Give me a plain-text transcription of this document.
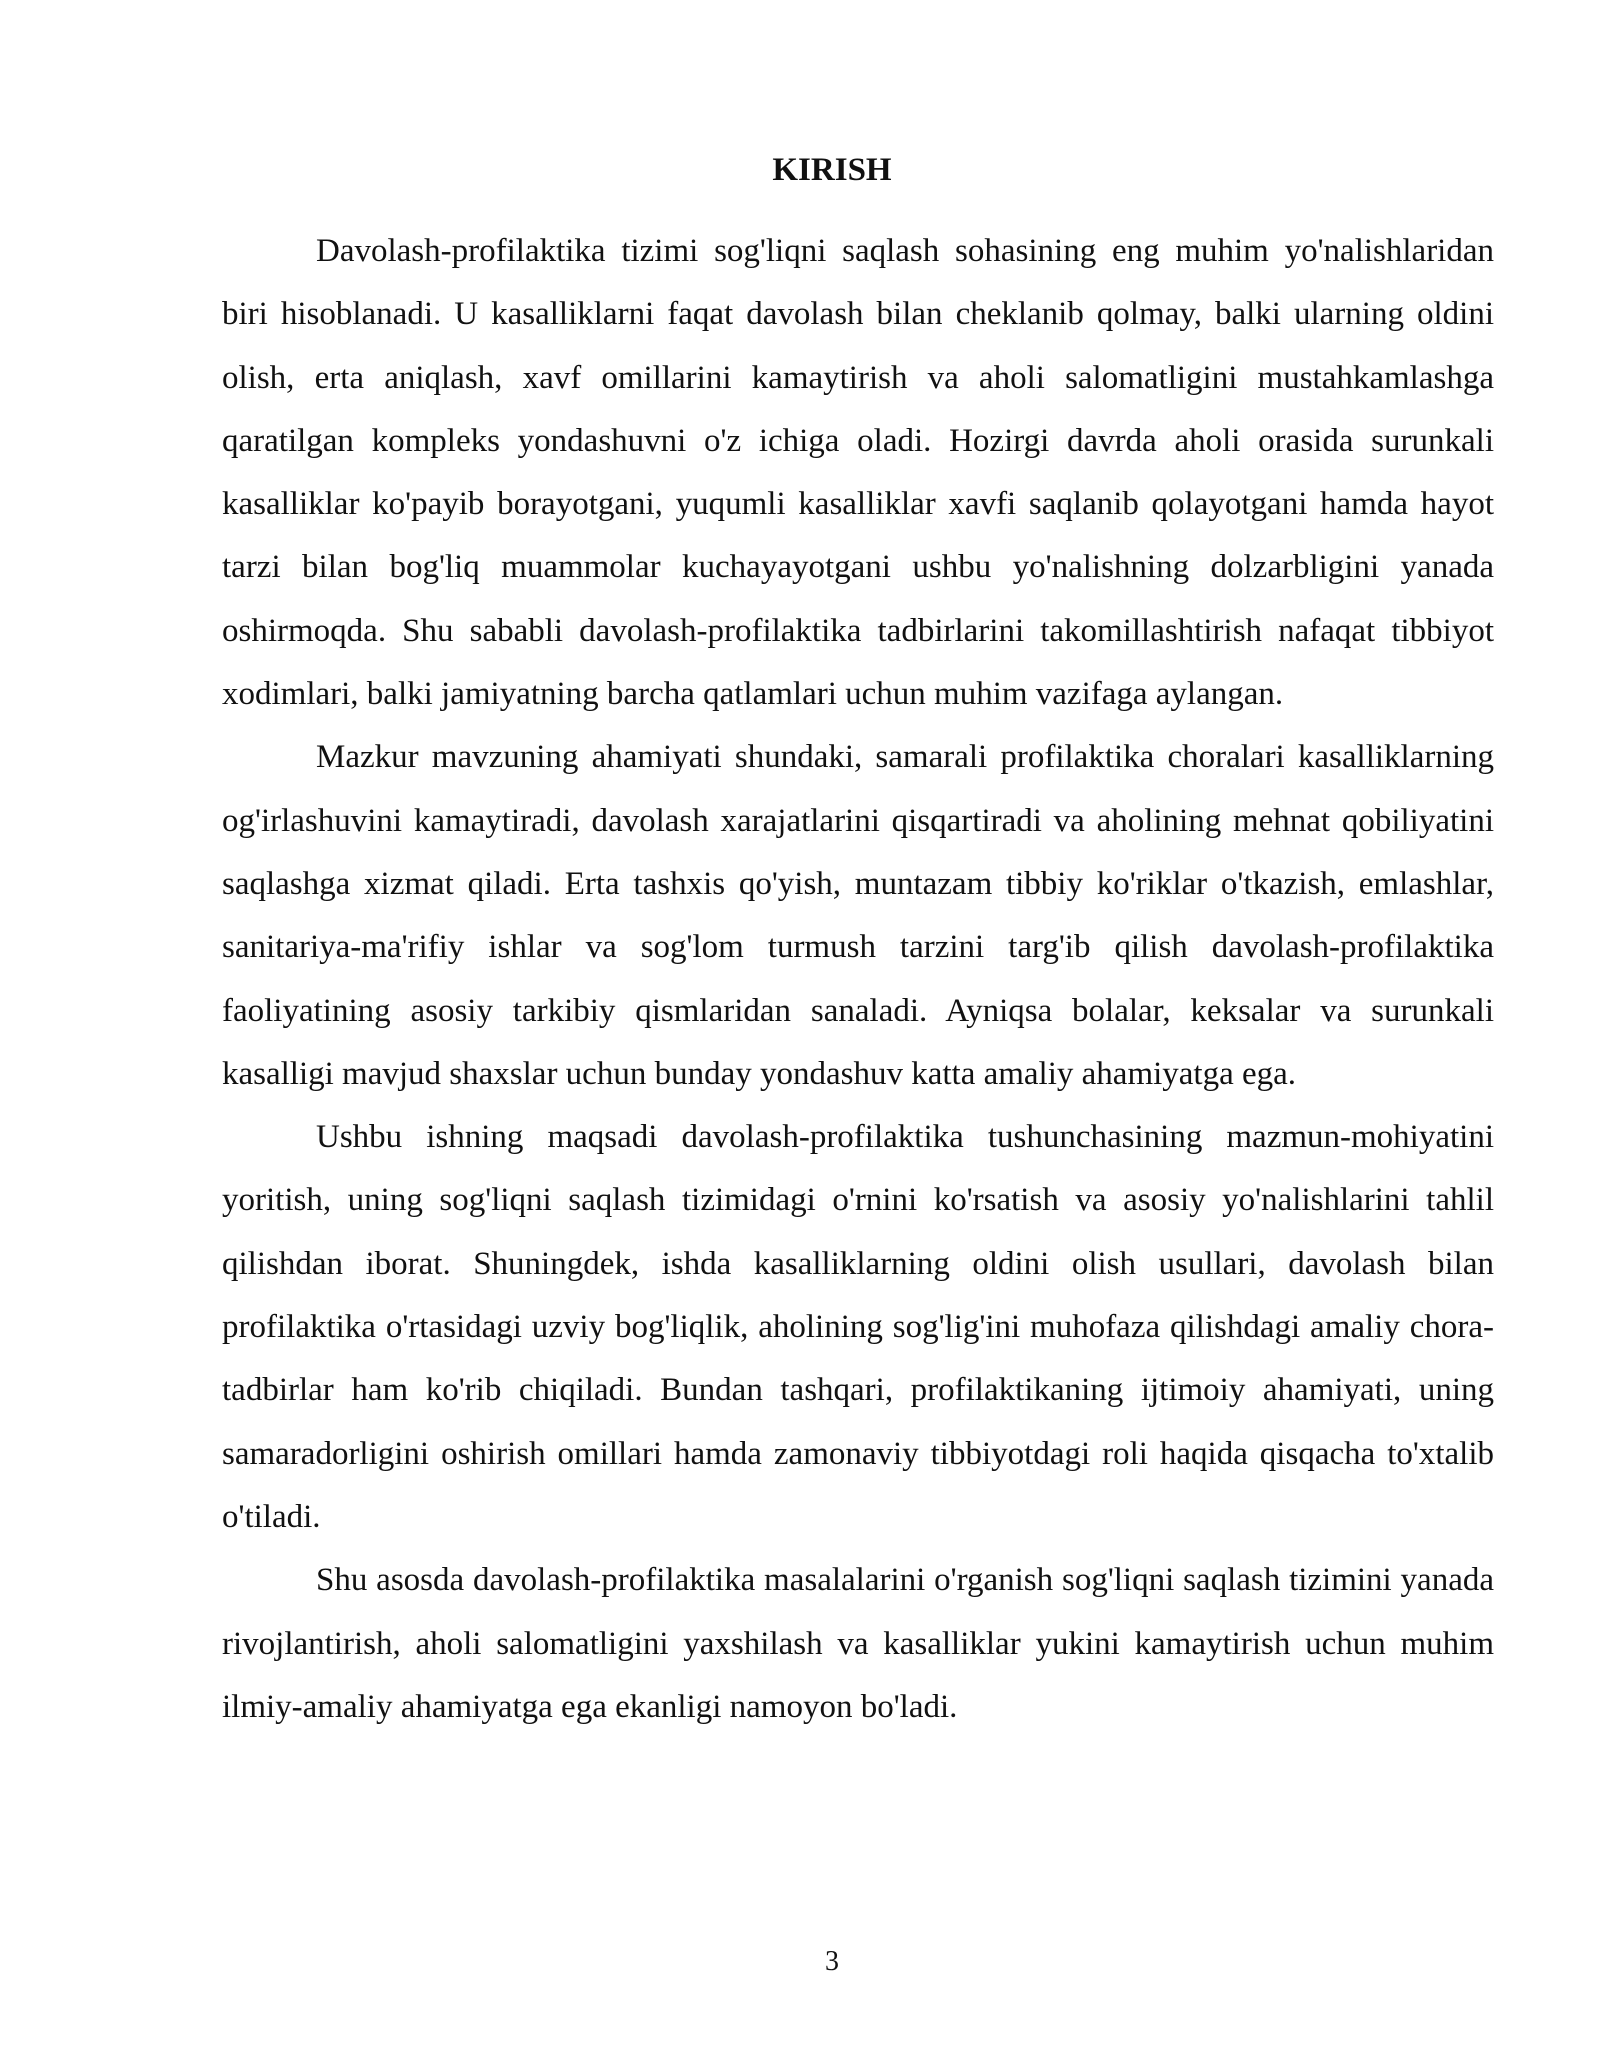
KIRISH

Davolash-profilaktika tizimi sog'liqni saqlash sohasining eng muhim yo'nalishlaridan biri hisoblanadi. U kasalliklarni faqat davolash bilan cheklanib qolmay, balki ularning oldini olish, erta aniqlash, xavf omillarini kamaytirish va aholi salomatligini mustahkamlashga qaratilgan kompleks yondashuvni o'z ichiga oladi. Hozirgi davrda aholi orasida surunkali kasalliklar ko'payib borayotgani, yuqumli kasalliklar xavfi saqlanib qolayotgani hamda hayot tarzi bilan bog'liq muammolar kuchayayotgani ushbu yo'nalishning dolzarbligini yanada oshirmoqda. Shu sababli davolash-profilaktika tadbirlarini takomillashtirish nafaqat tibbiyot xodimlari, balki jamiyatning barcha qatlamlari uchun muhim vazifaga aylangan.

Mazkur mavzuning ahamiyati shundaki, samarali profilaktika choralari kasalliklarning og'irlashuvini kamaytiradi, davolash xarajatlarini qisqartiradi va aholining mehnat qobiliyatini saqlashga xizmat qiladi. Erta tashxis qo'yish, muntazam tibbiy ko'riklar o'tkazish, emlashlar, sanitariya-ma'rifiy ishlar va sog'lom turmush tarzini targ'ib qilish davolash-profilaktika faoliyatining asosiy tarkibiy qismlaridan sanaladi. Ayniqsa bolalar, keksalar va surunkali kasalligi mavjud shaxslar uchun bunday yondashuv katta amaliy ahamiyatga ega.

Ushbu ishning maqsadi davolash-profilaktika tushunchasining mazmun-mohiyatini yoritish, uning sog'liqni saqlash tizimidagi o'rnini ko'rsatish va asosiy yo'nalishlarini tahlil qilishdan iborat. Shuningdek, ishda kasalliklarning oldini olish usullari, davolash bilan profilaktika o'rtasidagi uzviy bog'liqlik, aholining sog'lig'ini muhofaza qilishdagi amaliy chora-tadbirlar ham ko'rib chiqiladi. Bundan tashqari, profilaktikaning ijtimoiy ahamiyati, uning samaradorligini oshirish omillari hamda zamonaviy tibbiyotdagi roli haqida qisqacha to'xtalib o'tiladi.

Shu asosda davolash-profilaktika masalalarini o'rganish sog'liqni saqlash tizimini yanada rivojlantirish, aholi salomatligini yaxshilash va kasalliklar yukini kamaytirish uchun muhim ilmiy-amaliy ahamiyatga ega ekanligi namoyon bo'ladi.

3
